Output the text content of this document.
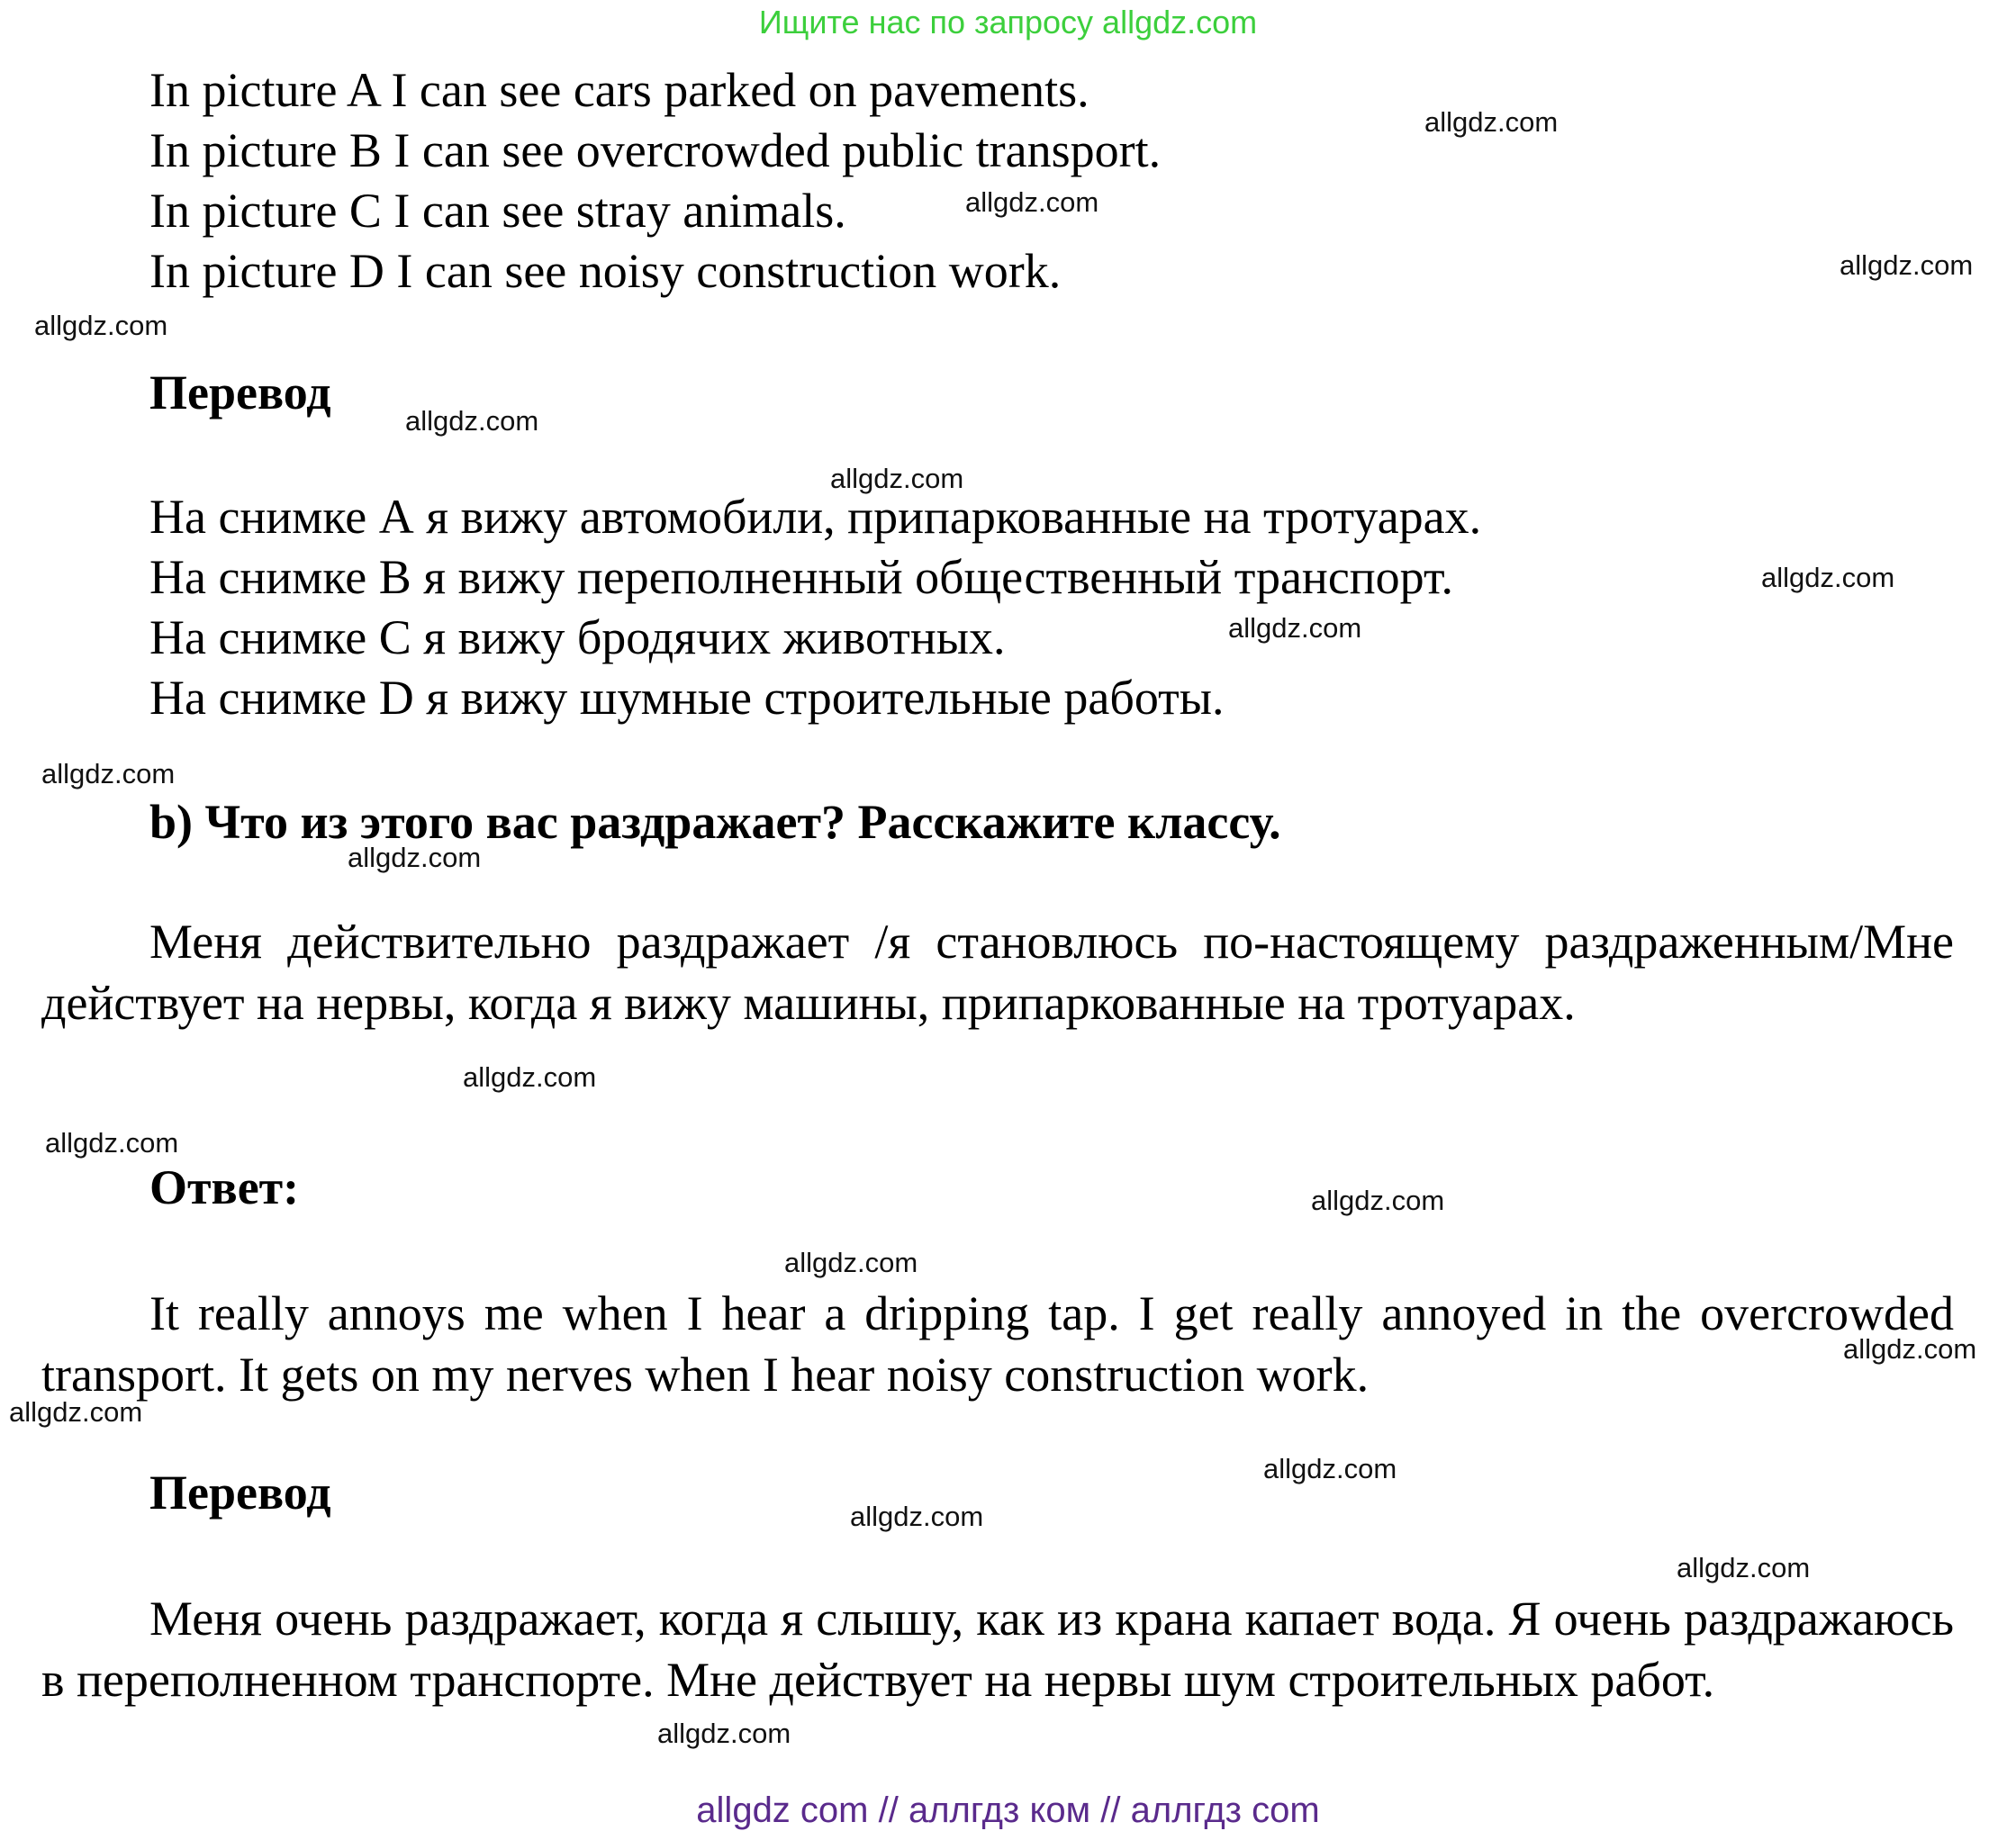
Ищите нас по запросу allgdz.com
In picture A I can see cars parked on pavements.
In picture B I can see overcrowded public transport.
In picture C I can see stray animals.
In picture D I can see noisy construction work.
Перевод
На снимке А я вижу автомобили, припаркованные на тротуарах.
На снимке B я вижу переполненный общественный транспорт.
На снимке C я вижу бродячих животных.
На снимке D я вижу шумные строительные работы.
b) Что из этого вас раздражает? Расскажите классу.
Меня действительно раздражает /я становлюсь по-настоящему раздраженным/Мне действует на нервы, когда я вижу машины, припаркованные на тротуарах.
Ответ:
It really annoys me when I hear a dripping tap. I get really annoyed in the overcrowded transport. It gets on my nerves when I hear noisy construction work.
Перевод
Меня очень раздражает, когда я слышу, как из крана капает вода. Я очень раздражаюсь в переполненном транспорте. Мне действует на нервы шум строительных работ.
allgdz.com
allgdz.com
allgdz.com
allgdz.com
allgdz.com
allgdz.com
allgdz.com
allgdz.com
allgdz.com
allgdz.com
allgdz.com
allgdz.com
allgdz.com
allgdz.com
allgdz.com
allgdz.com
allgdz.com
allgdz.com
allgdz.com
allgdz.com
allgdz com // аллгдз ком // аллгдз com
